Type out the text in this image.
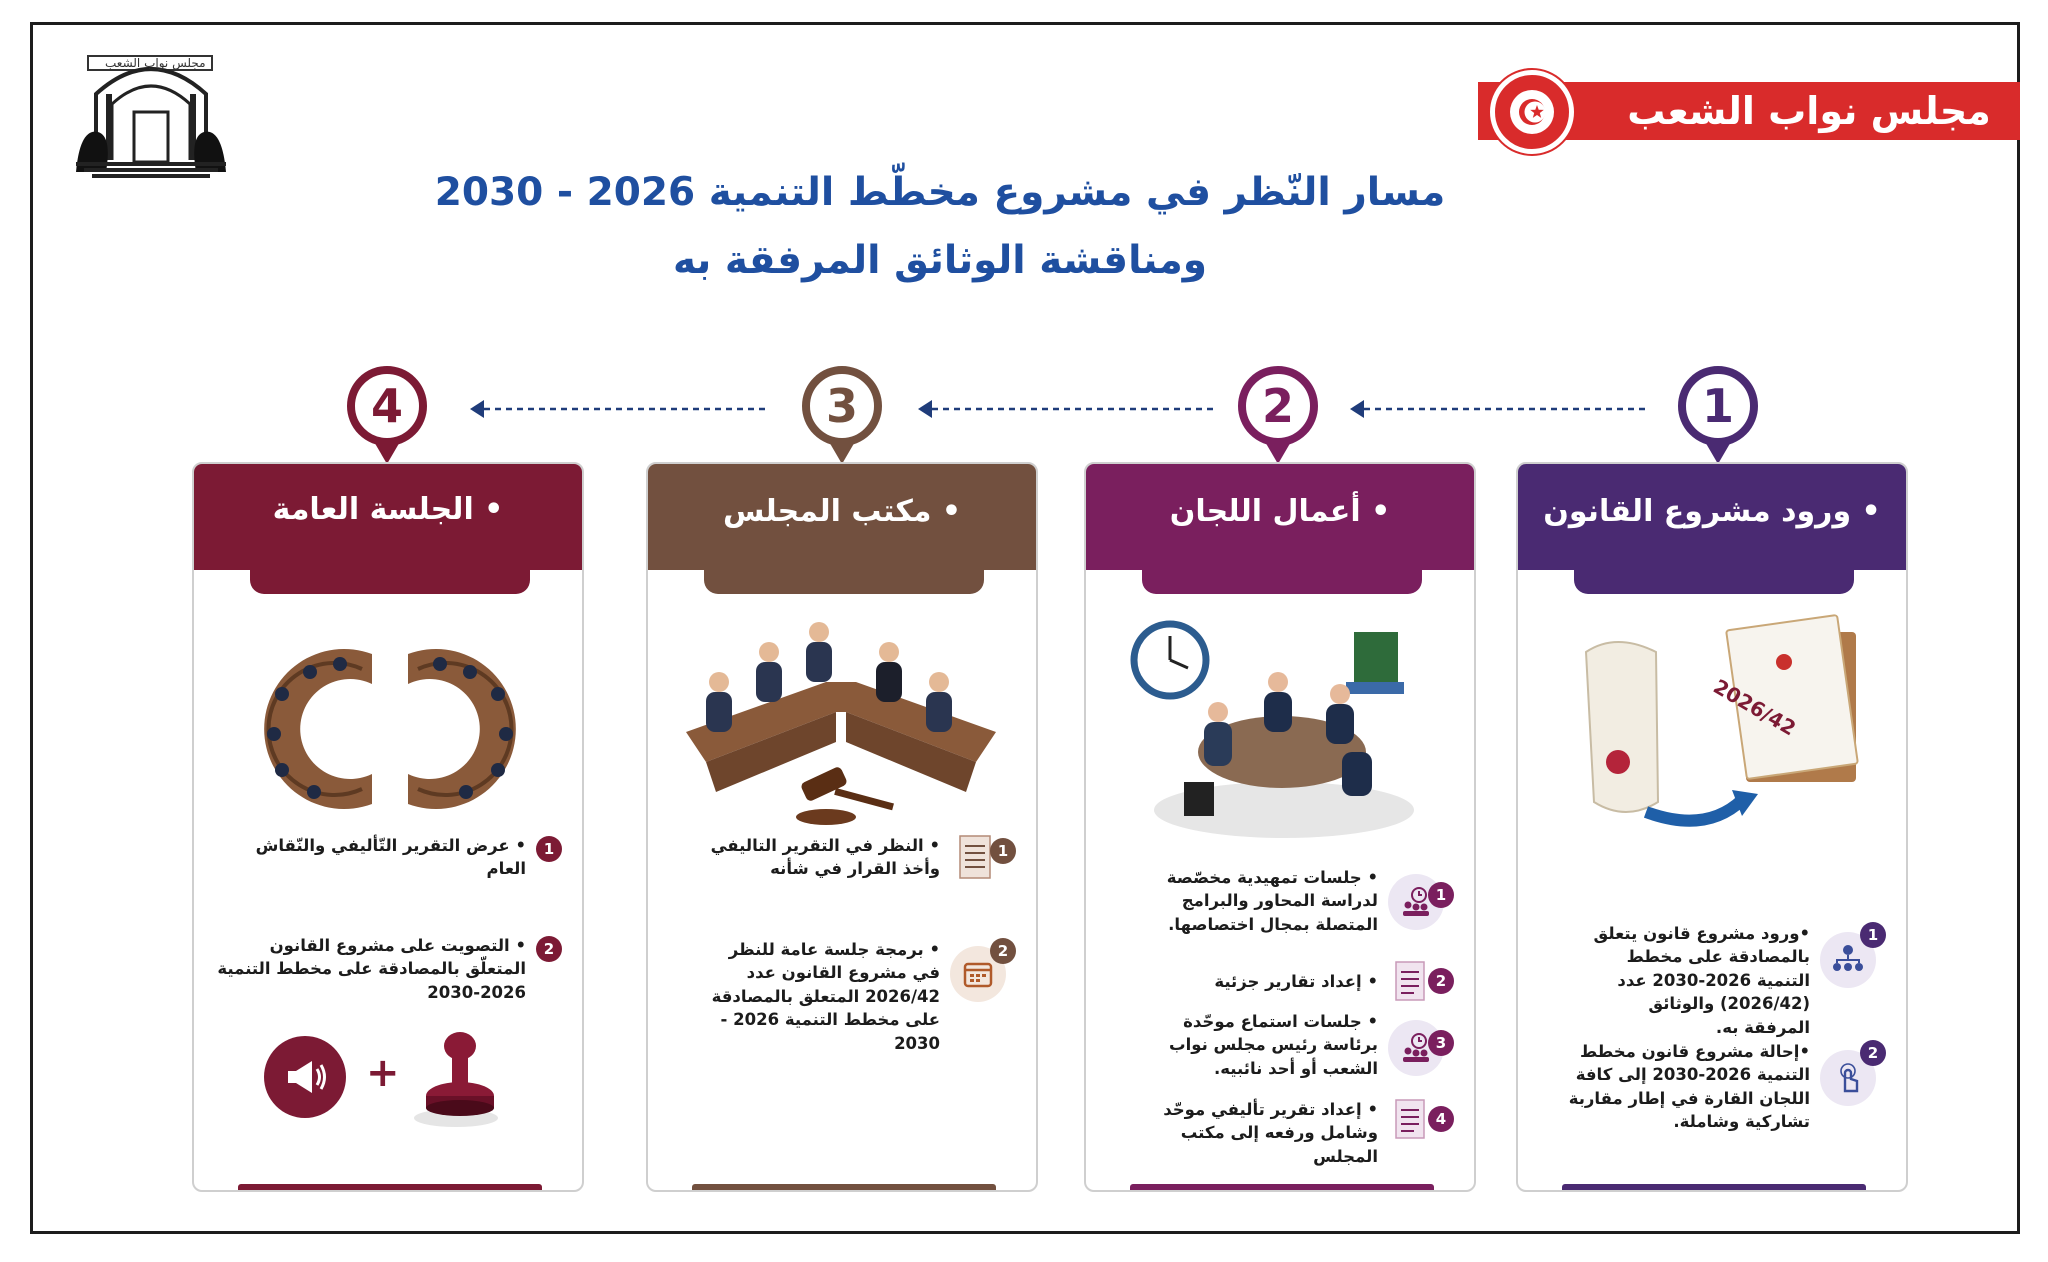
مجلس نواب الشعب
مجلس نواب الشعب
مسار النّظر في مشروع مخطّط التنمية 2026 - 2030
ومناقشة الوثائق المرفقة به
1
2
3
4
• ورود مشروع القانون
2026/42
1
•ورود مشروع قانون يتعلق بالمصادقة على مخطط التنمية 2026-2030 عدد (2026/42) والوثائق المرفقة به.
2
•إحالة مشروع قانون مخطط التنمية 2026-2030 إلى كافة اللجان القارة في إطار مقاربة تشاركية وشاملة.
• أعمال اللجان
1
• جلسات تمهيدية مخصّصة لدراسة المحاور والبرامج المتصلة بمجال اختصاصها.
2
• إعداد تقارير جزئية
3
• جلسات استماع موحّدة برئاسة رئيس مجلس نواب الشعب أو أحد نائبيه.
4
• إعداد تقرير تأليفي موحّد وشامل ورفعه إلى مكتب المجلس
• مكتب المجلس
1
• النظر في التقرير التاليفي وأخذ القرار في شأنه
2
• برمجة جلسة عامة للنظر في مشروع القانون عدد 2026/42 المتعلق بالمصادقة على مخطط التنمية 2026 - 2030
• الجلسة العامة
1
• عرض التقرير التّأليفي والنّقاش العام
2
• التصويت على مشروع القانون المتعلّق بالمصادقة على مخطط التنمية 2026-2030
+
